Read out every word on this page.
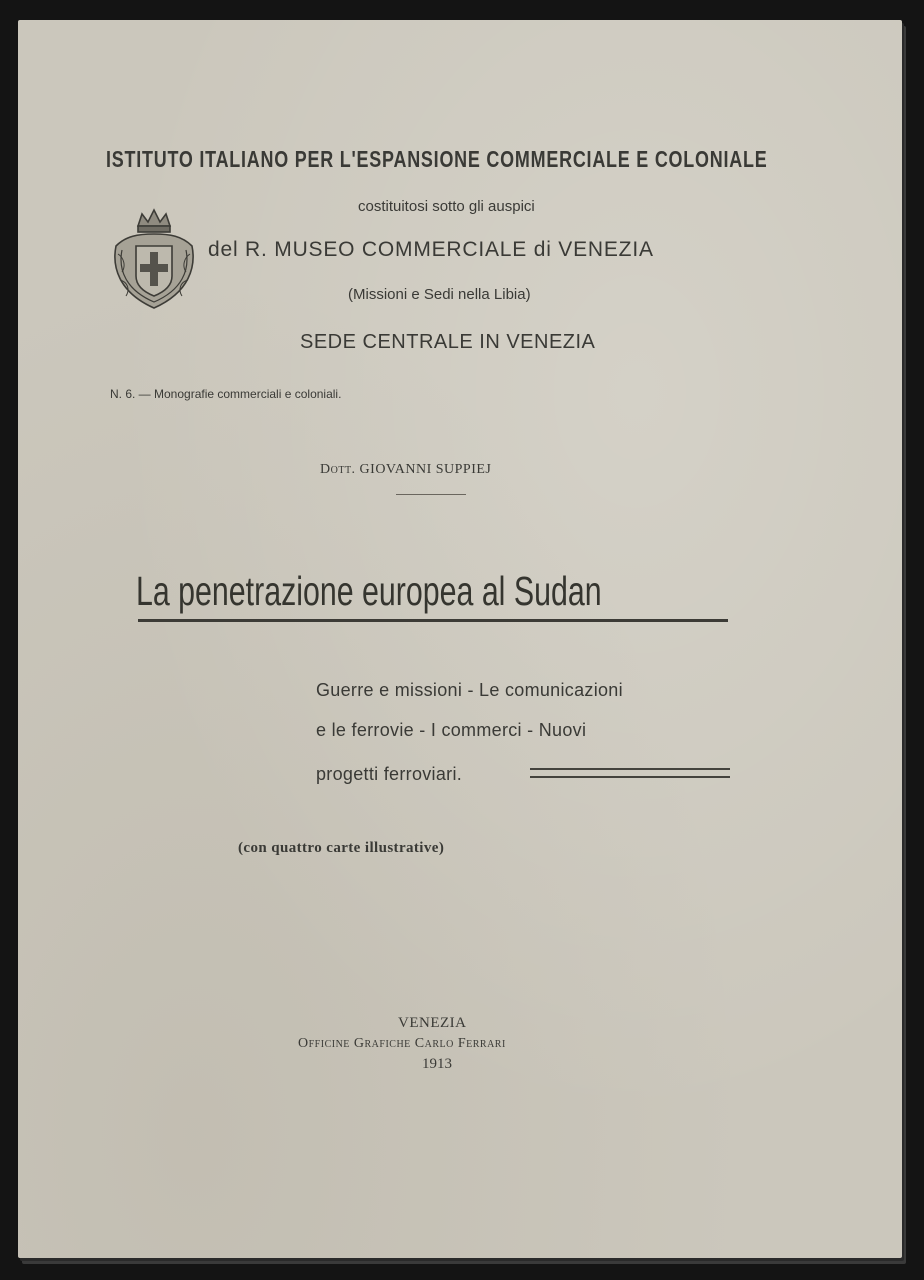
ISTITUTO ITALIANO PER L'ESPANSIONE COMMERCIALE E COLONIALE
costituitosi sotto gli auspici
del R. MUSEO COMMERCIALE di VENEZIA
(Missioni e Sedi nella Libia)
SEDE CENTRALE IN VENEZIA
N. 6. — Monografie commerciali e coloniali.
Dott. GIOVANNI SUPPIEJ
La penetrazione europea al Sudan
Guerre e missioni - Le comunicazioni
e le ferrovie - I commerci - Nuovi
progetti ferroviari.
(con quattro carte illustrative)
VENEZIA
Officine Grafiche Carlo Ferrari
1913
